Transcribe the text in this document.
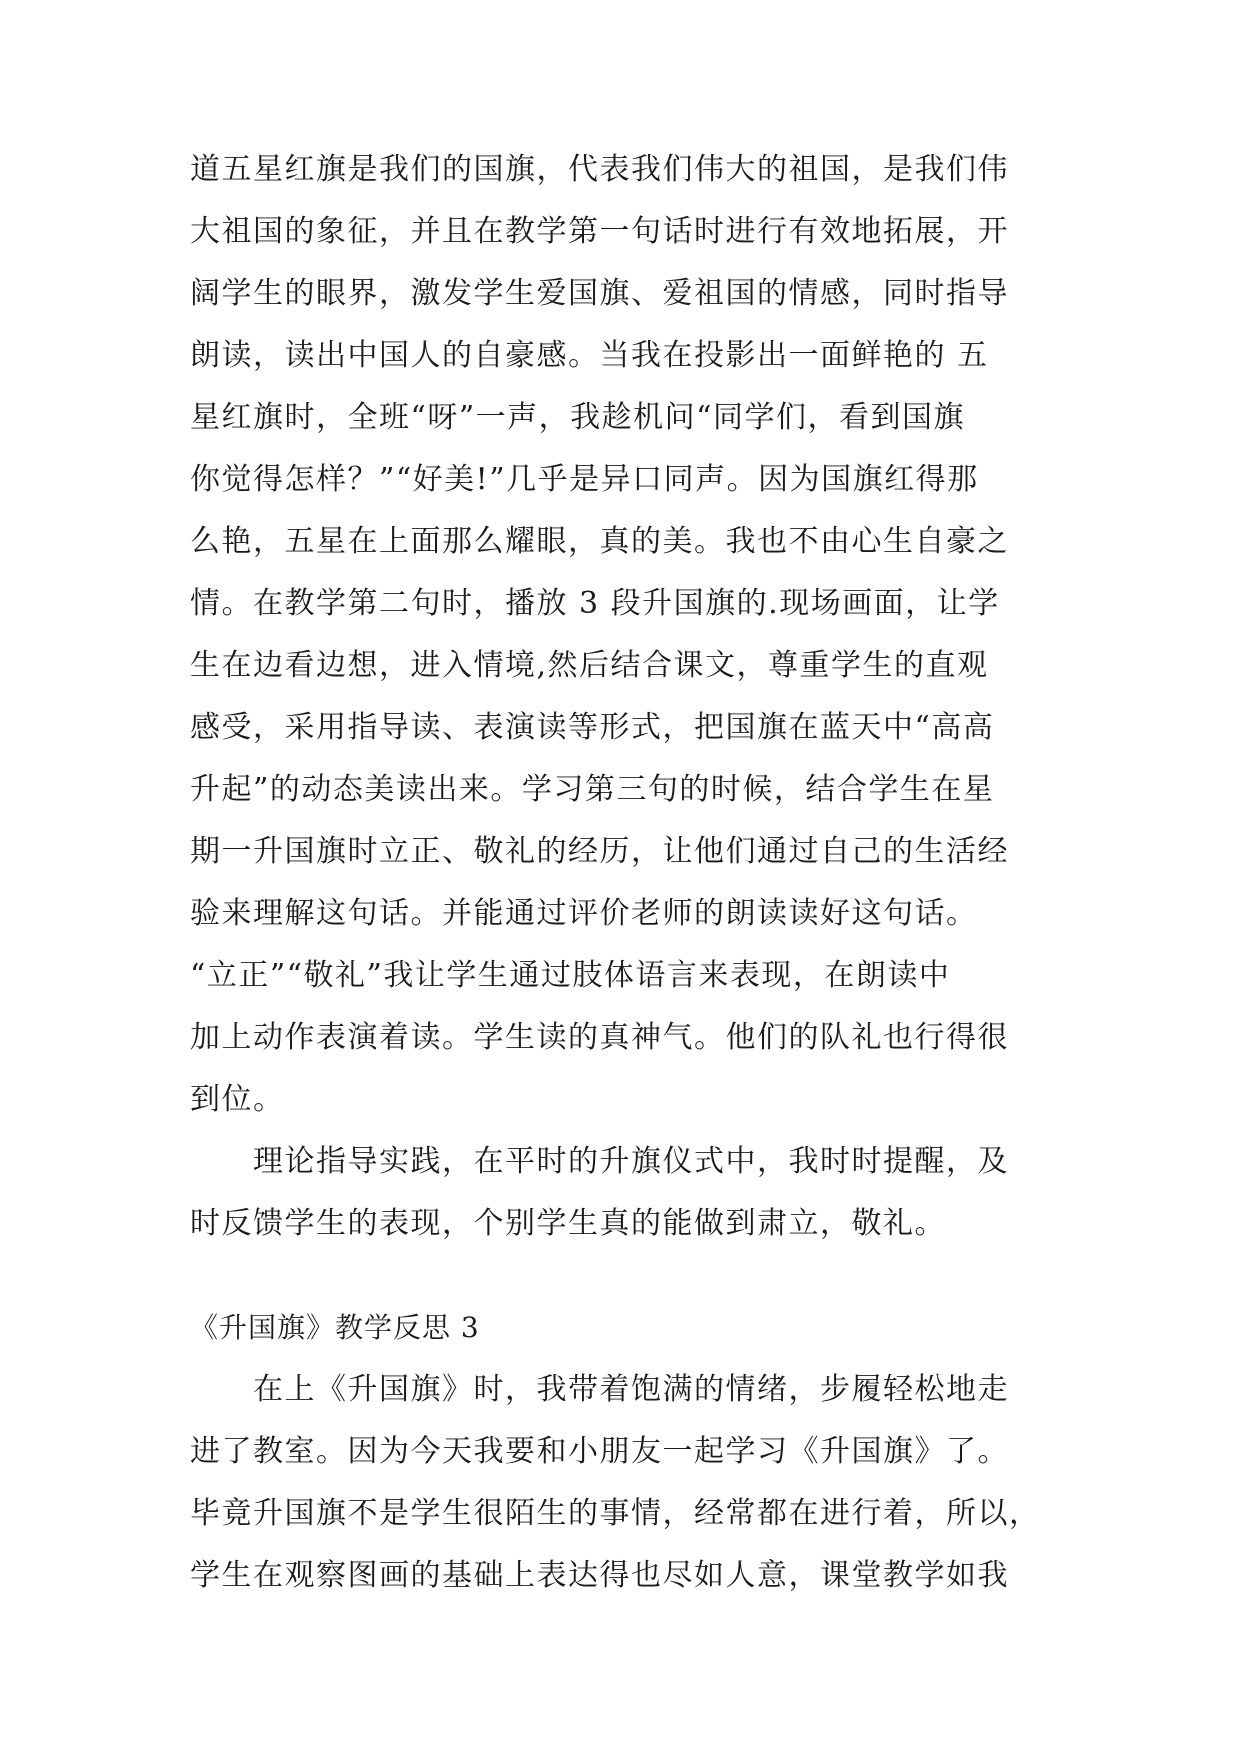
道五星红旗是我们的国旗，代表我们伟大的祖国，是我们伟
大祖国的象征，并且在教学第一句话时进行有效地拓展，开
阔学生的眼界，激发学生爱国旗、爱祖国的情感，同时指导
朗读，读出中国人的自豪感。当我在投影出一面鲜艳的 五
星红旗时，全班“呀”一声，我趁机问“同学们，看到国旗
你觉得怎样？”“好美!”几乎是异口同声。因为国旗红得那
么艳，五星在上面那么耀眼，真的美。我也不由心生自豪之
情。在教学第二句时，播放 3 段升国旗的.现场画面，让学
生在边看边想，进入情境,然后结合课文，尊重学生的直观
感受，采用指导读、表演读等形式，把国旗在蓝天中“高高
升起”的动态美读出来。学习第三句的时候，结合学生在星
期一升国旗时立正、敬礼的经历，让他们通过自己的生活经
验来理解这句话。并能通过评价老师的朗读读好这句话。
“立正”“敬礼”我让学生通过肢体语言来表现，在朗读中
加上动作表演着读。学生读的真神气。他们的队礼也行得很
到位。
　　理论指导实践，在平时的升旗仪式中，我时时提醒，及
时反馈学生的表现，个别学生真的能做到肃立，敬礼。
《升国旗》教学反思 3
　　在上《升国旗》时，我带着饱满的情绪，步履轻松地走
进了教室。因为今天我要和小朋友一起学习《升国旗》了。
毕竟升国旗不是学生很陌生的事情，经常都在进行着，所以，
学生在观察图画的基础上表达得也尽如人意，课堂教学如我
